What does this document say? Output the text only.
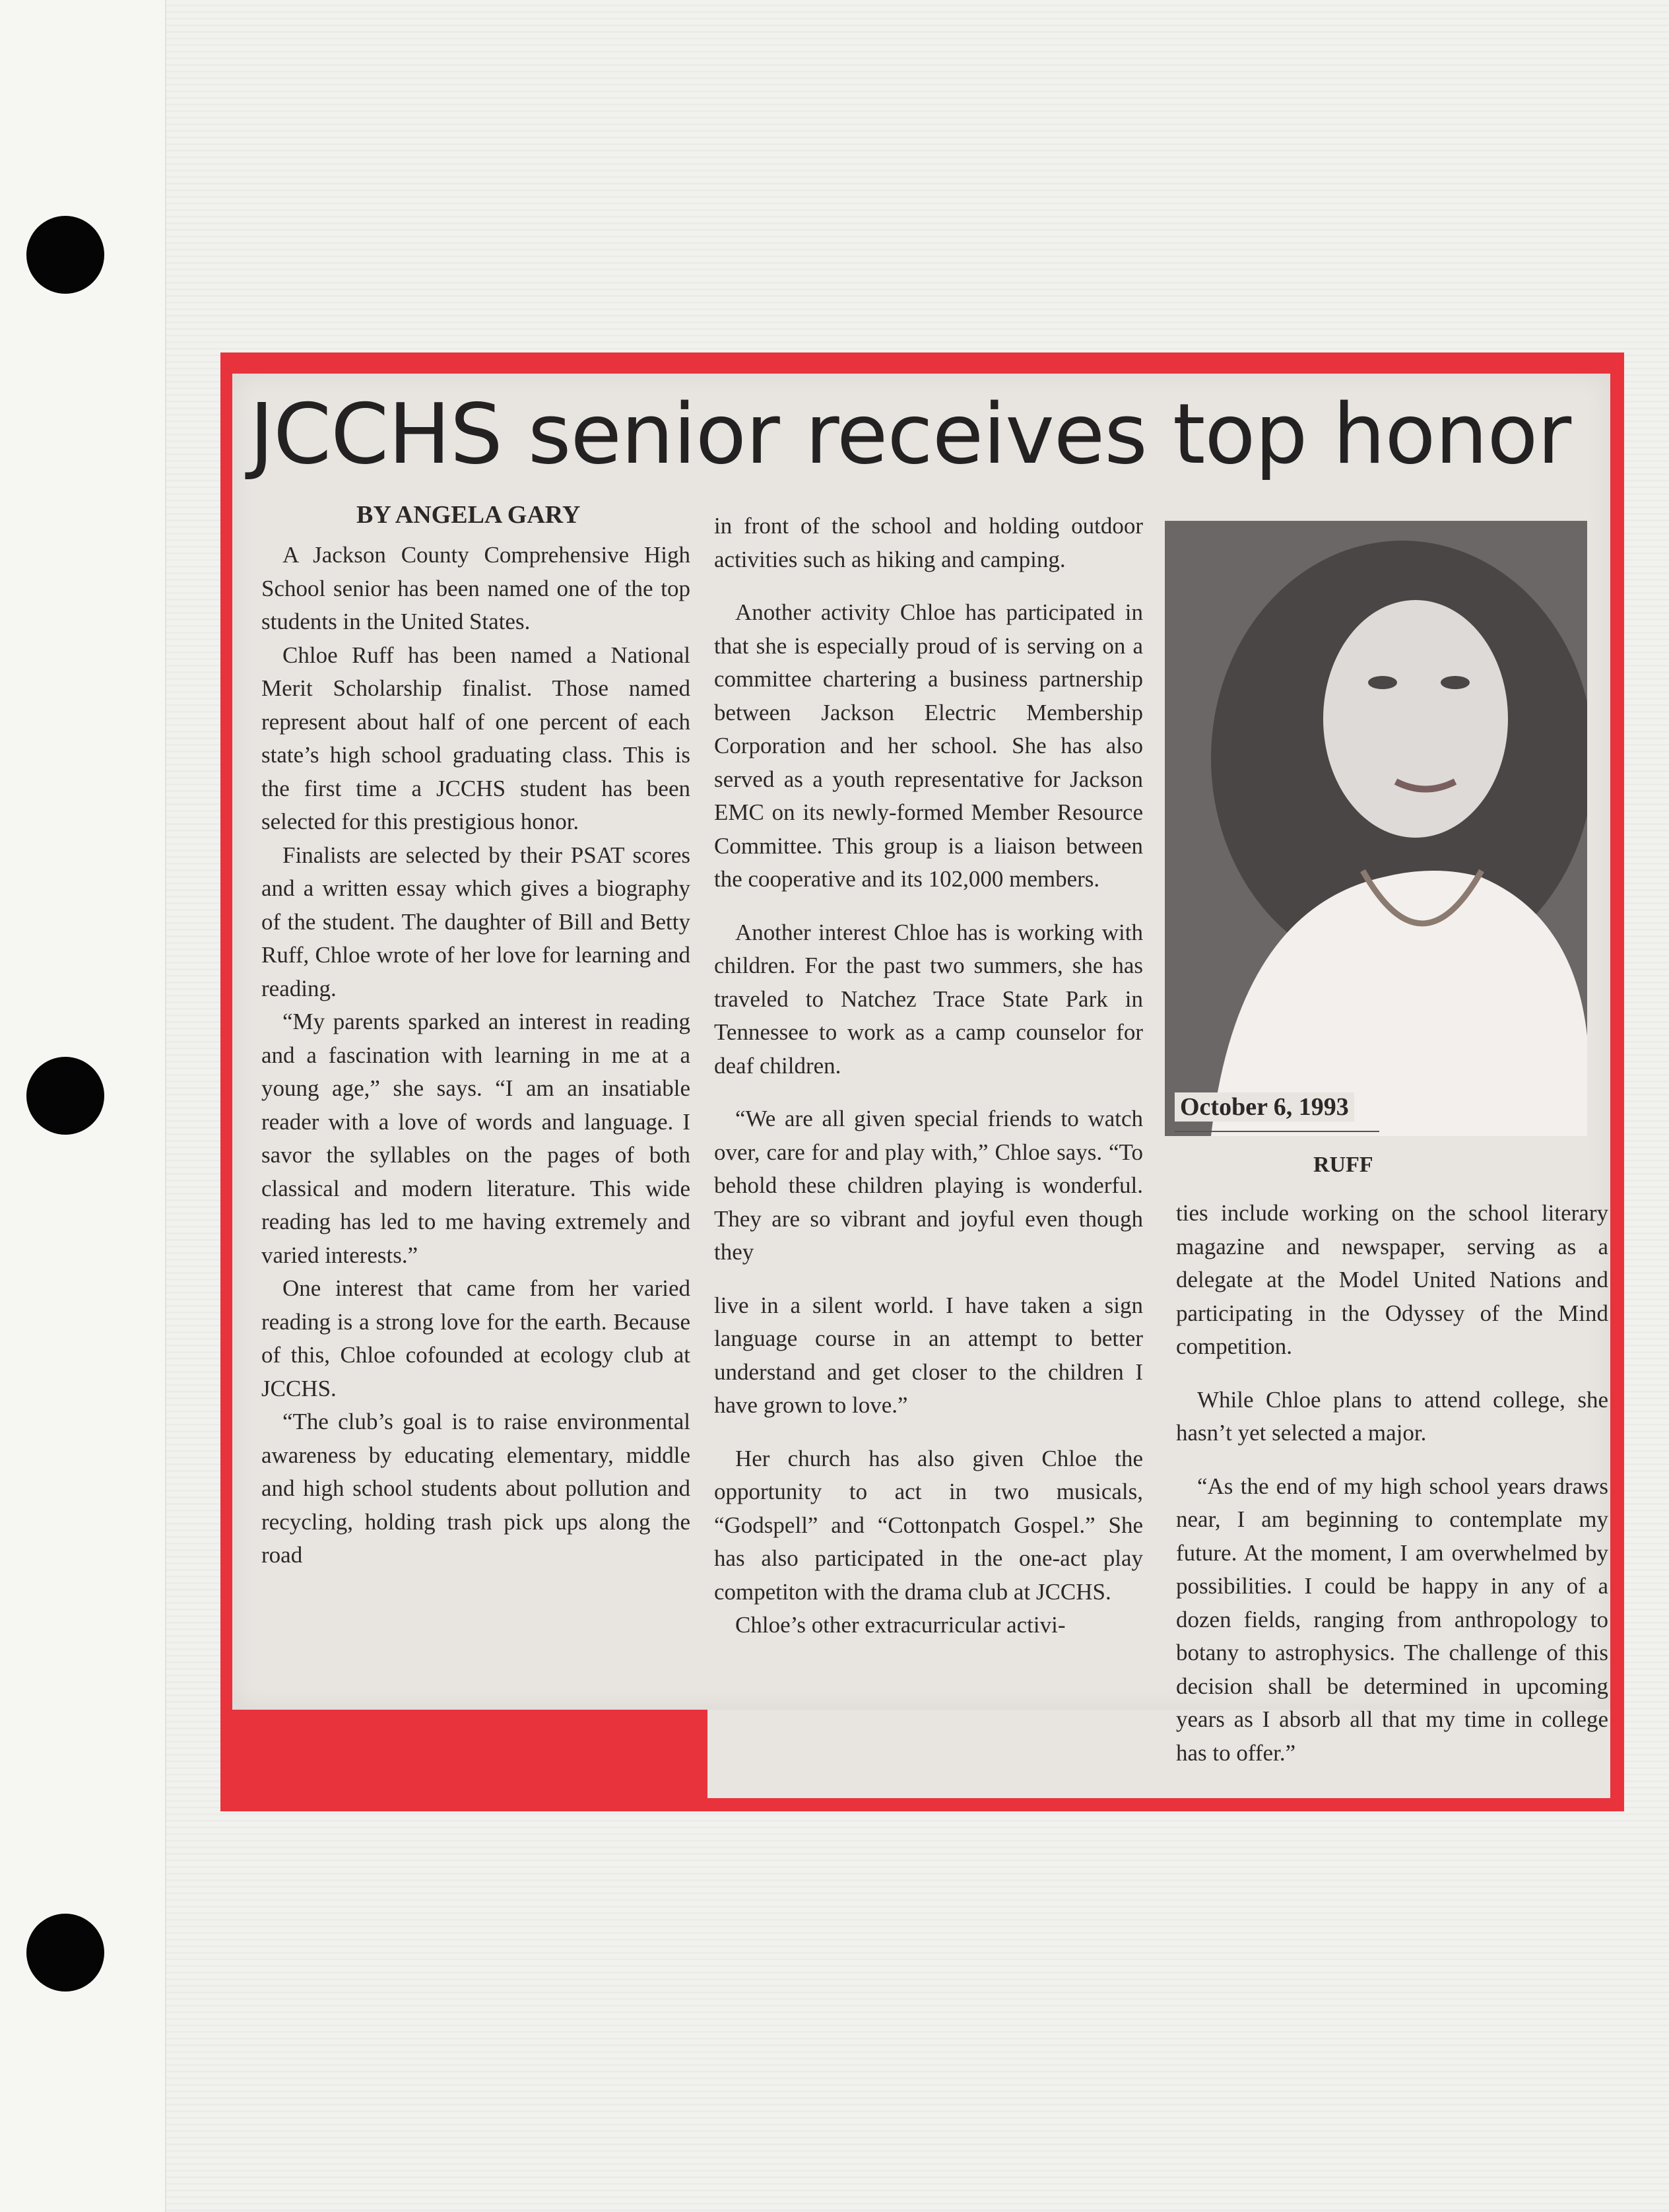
JCCHS senior receives top honor
BY ANGELA GARY

A Jackson County Comprehensive High School senior has been named one of the top students in the United States.

Chloe Ruff has been named a National Merit Scholarship finalist. Those named represent about half of one percent of each state’s high school graduating class. This is the first time a JCCHS student has been selected for this prestigious honor.

Finalists are selected by their PSAT scores and a written essay which gives a biography of the student. The daughter of Bill and Betty Ruff, Chloe wrote of her love for learning and reading.

“My parents sparked an interest in reading and a fascination with learning in me at a young age,” she says. “I am an insatiable reader with a love of words and language. I savor the syllables on the pages of both classical and modern literature. This wide reading has led to me having extremely and varied interests.”

One interest that came from her varied reading is a strong love for the earth. Because of this, Chloe cofounded at ecology club at JCCHS.

“The club’s goal is to raise environmental awareness by educating elementary, middle and high school students about pollution and recycling, holding trash pick ups along the road

in front of the school and holding outdoor activities such as hiking and camping.

Another activity Chloe has participated in that she is especially proud of is serving on a committee chartering a business partnership between Jackson Electric Membership Corporation and her school. She has also served as a youth representative for Jackson EMC on its newly-formed Member Resource Committee. This group is a liaison between the cooperative and its 102,000 members.

Another interest Chloe has is working with children. For the past two summers, she has traveled to Natchez Trace State Park in Tennessee to work as a camp counselor for deaf children.

“We are all given special friends to watch over, care for and play with,” Chloe says. “To behold these children playing is wonderful. They are so vibrant and joyful even though they

live in a silent world. I have taken a sign language course in an attempt to better understand and get closer to the children I have grown to love.”

Her church has also given Chloe the opportunity to act in two musicals, “Godspell” and “Cottonpatch Gospel.” She has also participated in the one-act play competiton with the drama club at JCCHS.

Chloe’s other extracurricular activi-

October 6, 1993
RUFF

ties include working on the school literary magazine and newspaper, serving as a delegate at the Model United Nations and participating in the Odyssey of the Mind competition.

While Chloe plans to attend college, she hasn’t yet selected a major.

“As the end of my high school years draws near, I am beginning to contemplate my future. At the moment, I am overwhelmed by possibilities. I could be happy in any of a dozen fields, ranging from anthropology to botany to astrophysics. The challenge of this decision shall be determined in upcoming years as I absorb all that my time in college has to offer.”
